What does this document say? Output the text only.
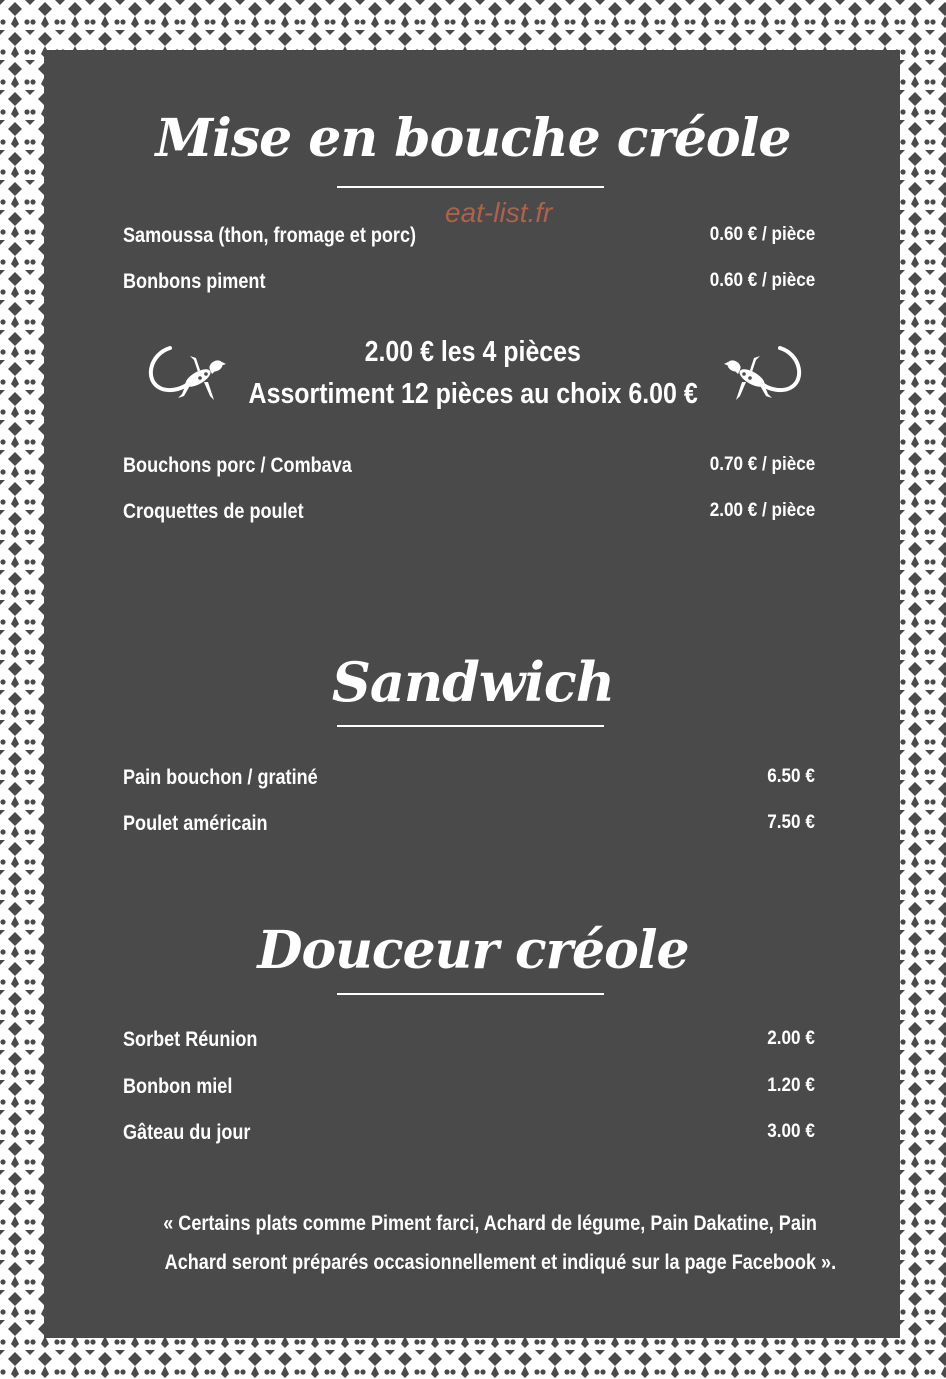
eat-list.fr
Mise en bouche créole
Samoussa (thon, fromage et porc)	0.60 € / pièce
Bonbons piment	0.60 € / pièce
2.00 € les 4 pièces
Assortiment 12 pièces au choix 6.00 €
Bouchons porc / Combava	0.70 € / pièce
Croquettes de poulet	2.00 € / pièce
Sandwich
Pain bouchon / gratiné	6.50 €
Poulet américain	7.50 €
Douceur créole
Sorbet Réunion	2.00 €
Bonbon miel	1.20 €
Gâteau du jour	3.00 €
« Certains plats comme Piment farci, Achard de légume, Pain Dakatine, Pain
Achard seront préparés occasionnellement et indiqué sur la page Facebook ».
